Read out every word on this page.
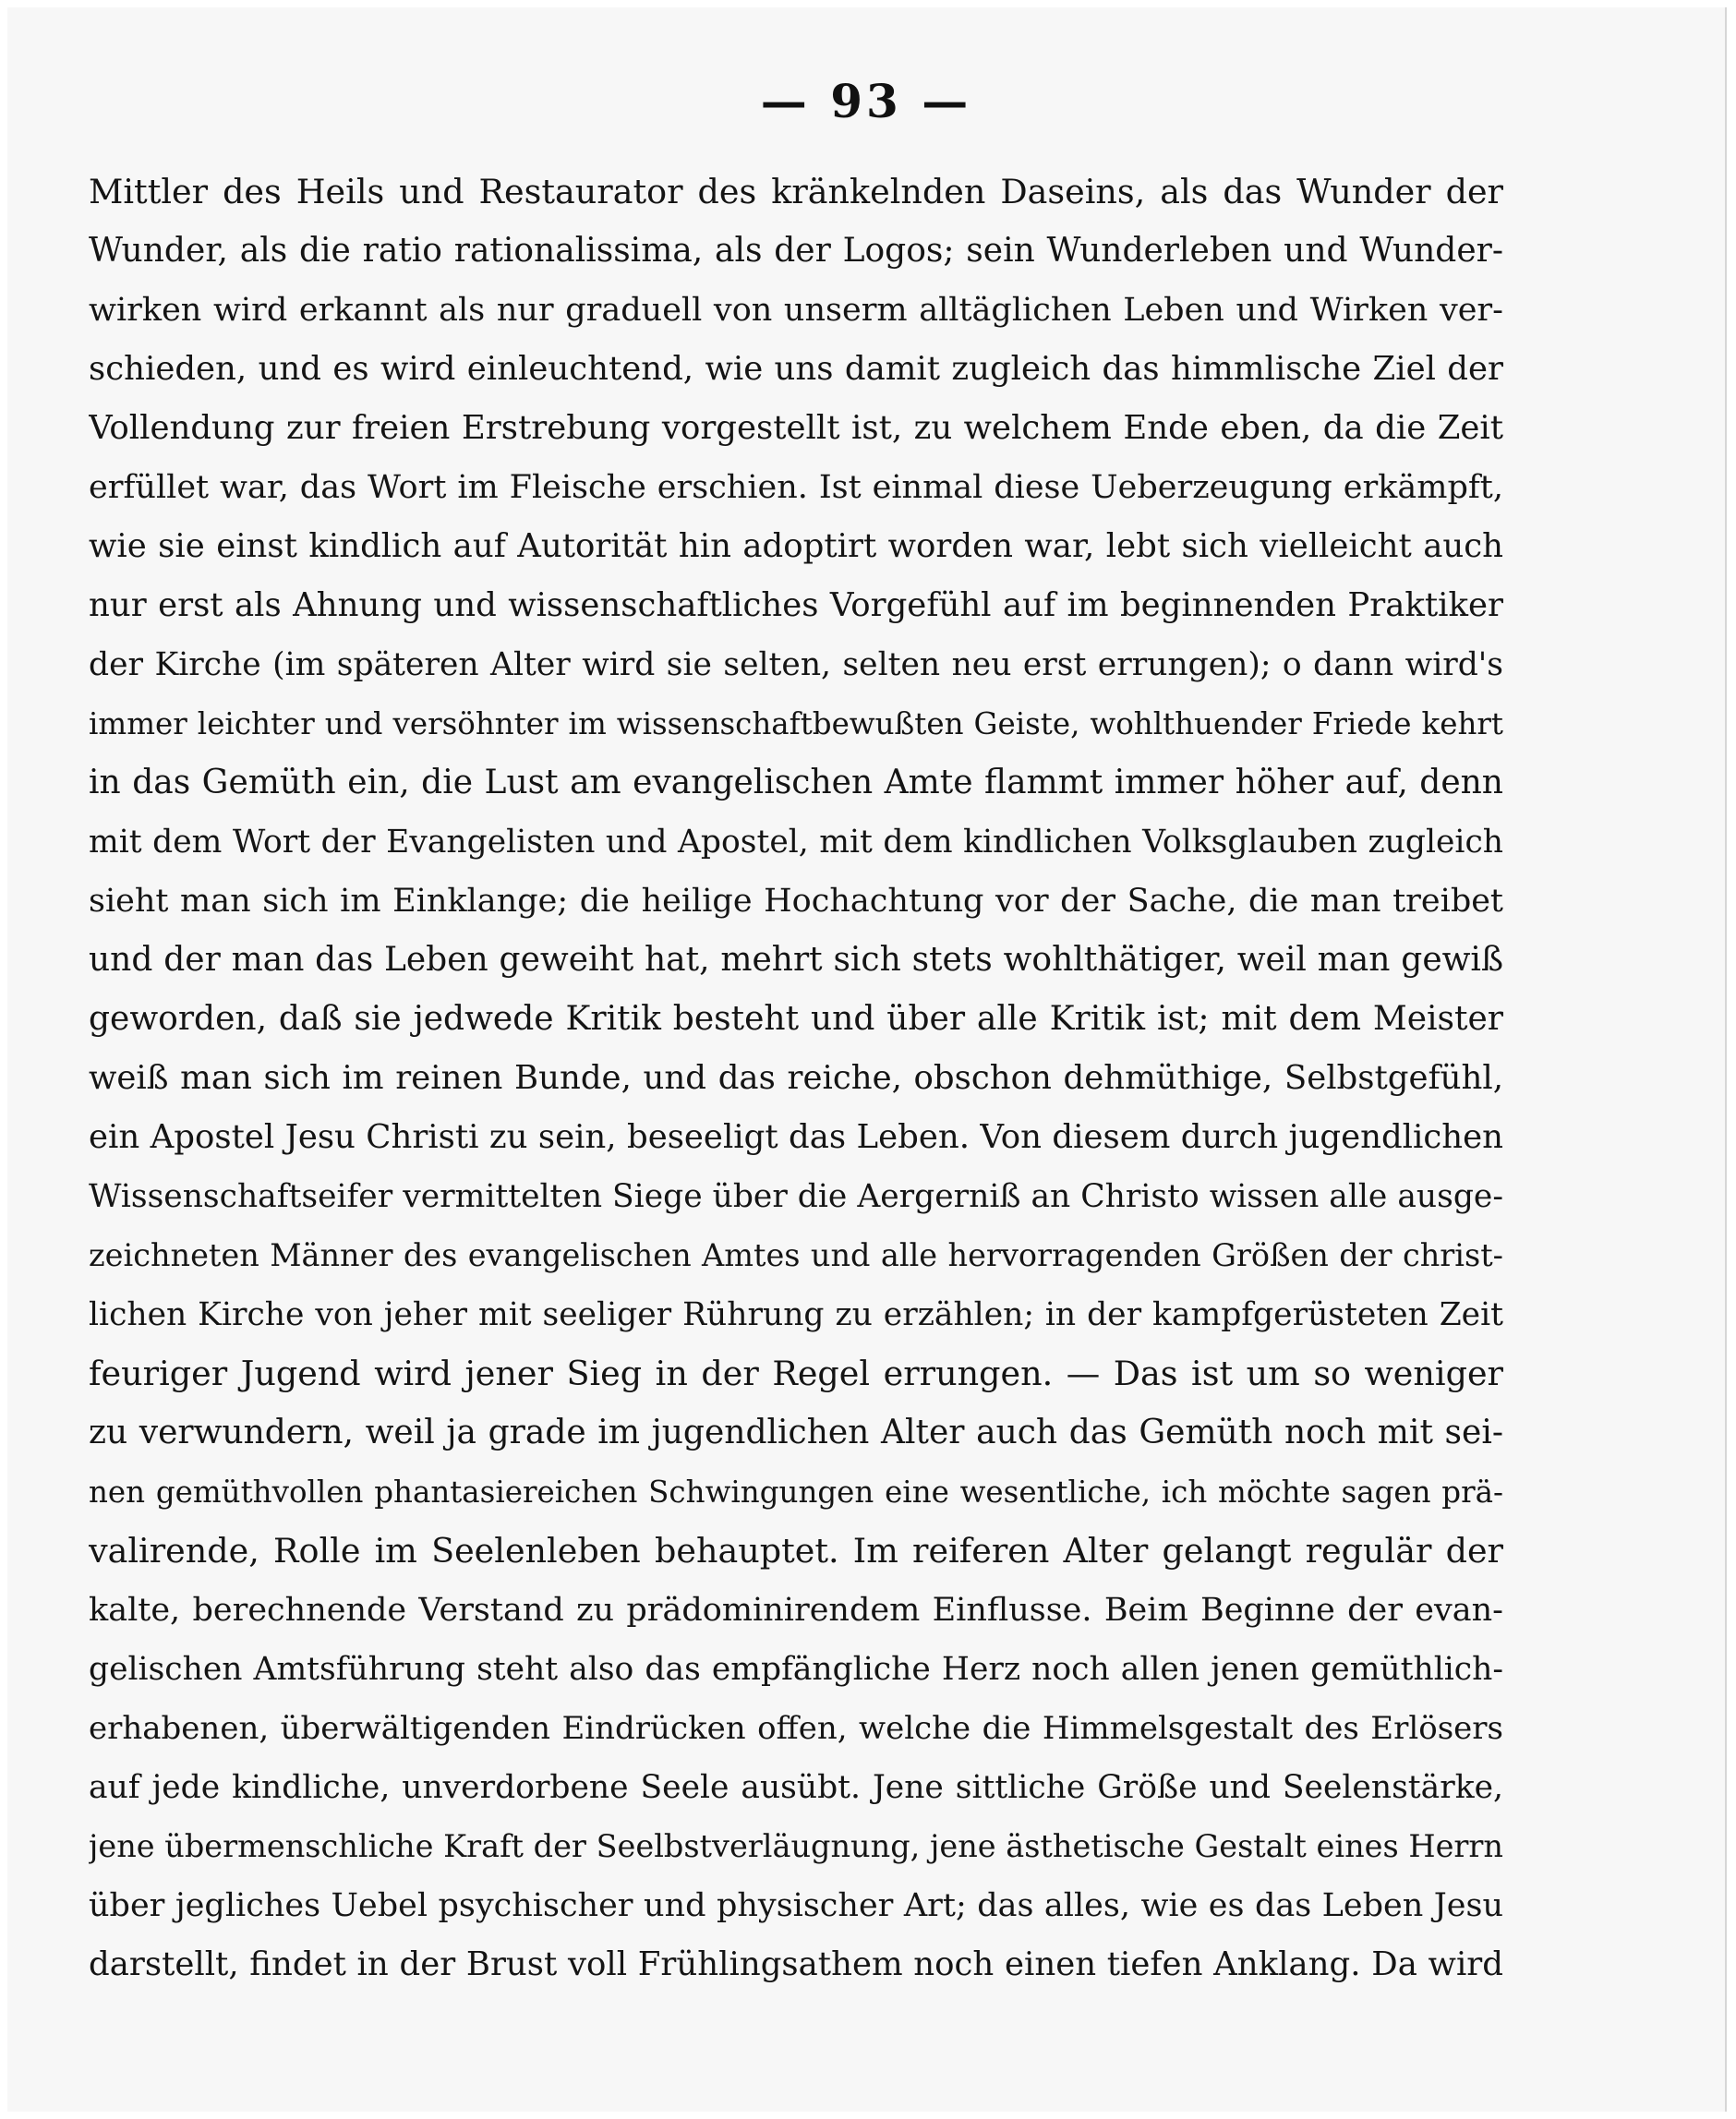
— 93 —
Mittler des Heils und Restaurator des kränkelnden Daseins, als das Wunder der
Wunder, als die ratio rationalissima, als der Logos; sein Wunderleben und Wunder-
wirken wird erkannt als nur graduell von unserm alltäglichen Leben und Wirken ver-
schieden, und es wird einleuchtend, wie uns damit zugleich das himmlische Ziel der
Vollendung zur freien Erstrebung vorgestellt ist, zu welchem Ende eben, da die Zeit
erfüllet war, das Wort im Fleische erschien. Ist einmal diese Ueberzeugung erkämpft,
wie sie einst kindlich auf Autorität hin adoptirt worden war, lebt sich vielleicht auch
nur erst als Ahnung und wissenschaftliches Vorgefühl auf im beginnenden Praktiker
der Kirche (im späteren Alter wird sie selten, selten neu erst errungen); o dann wird's
immer leichter und versöhnter im wissenschaftbewußten Geiste, wohlthuender Friede kehrt
in das Gemüth ein, die Lust am evangelischen Amte flammt immer höher auf, denn
mit dem Wort der Evangelisten und Apostel, mit dem kindlichen Volksglauben zugleich
sieht man sich im Einklange; die heilige Hochachtung vor der Sache, die man treibet
und der man das Leben geweiht hat, mehrt sich stets wohlthätiger, weil man gewiß
geworden, daß sie jedwede Kritik besteht und über alle Kritik ist; mit dem Meister
weiß man sich im reinen Bunde, und das reiche, obschon dehmüthige, Selbstgefühl,
ein Apostel Jesu Christi zu sein, beseeligt das Leben. Von diesem durch jugendlichen
Wissenschaftseifer vermittelten Siege über die Aergerniß an Christo wissen alle ausge-
zeichneten Männer des evangelischen Amtes und alle hervorragenden Größen der christ-
lichen Kirche von jeher mit seeliger Rührung zu erzählen; in der kampfgerüsteten Zeit
feuriger Jugend wird jener Sieg in der Regel errungen. — Das ist um so weniger
zu verwundern, weil ja grade im jugendlichen Alter auch das Gemüth noch mit sei-
nen gemüthvollen phantasiereichen Schwingungen eine wesentliche, ich möchte sagen prä-
valirende, Rolle im Seelenleben behauptet. Im reiferen Alter gelangt regulär der
kalte, berechnende Verstand zu prädominirendem Einflusse. Beim Beginne der evan-
gelischen Amtsführung steht also das empfängliche Herz noch allen jenen gemüthlich-
erhabenen, überwältigenden Eindrücken offen, welche die Himmelsgestalt des Erlösers
auf jede kindliche, unverdorbene Seele ausübt. Jene sittliche Größe und Seelenstärke,
jene übermenschliche Kraft der Seelbstverläugnung, jene ästhetische Gestalt eines Herrn
über jegliches Uebel psychischer und physischer Art; das alles, wie es das Leben Jesu
darstellt, findet in der Brust voll Frühlingsathem noch einen tiefen Anklang. Da wird
